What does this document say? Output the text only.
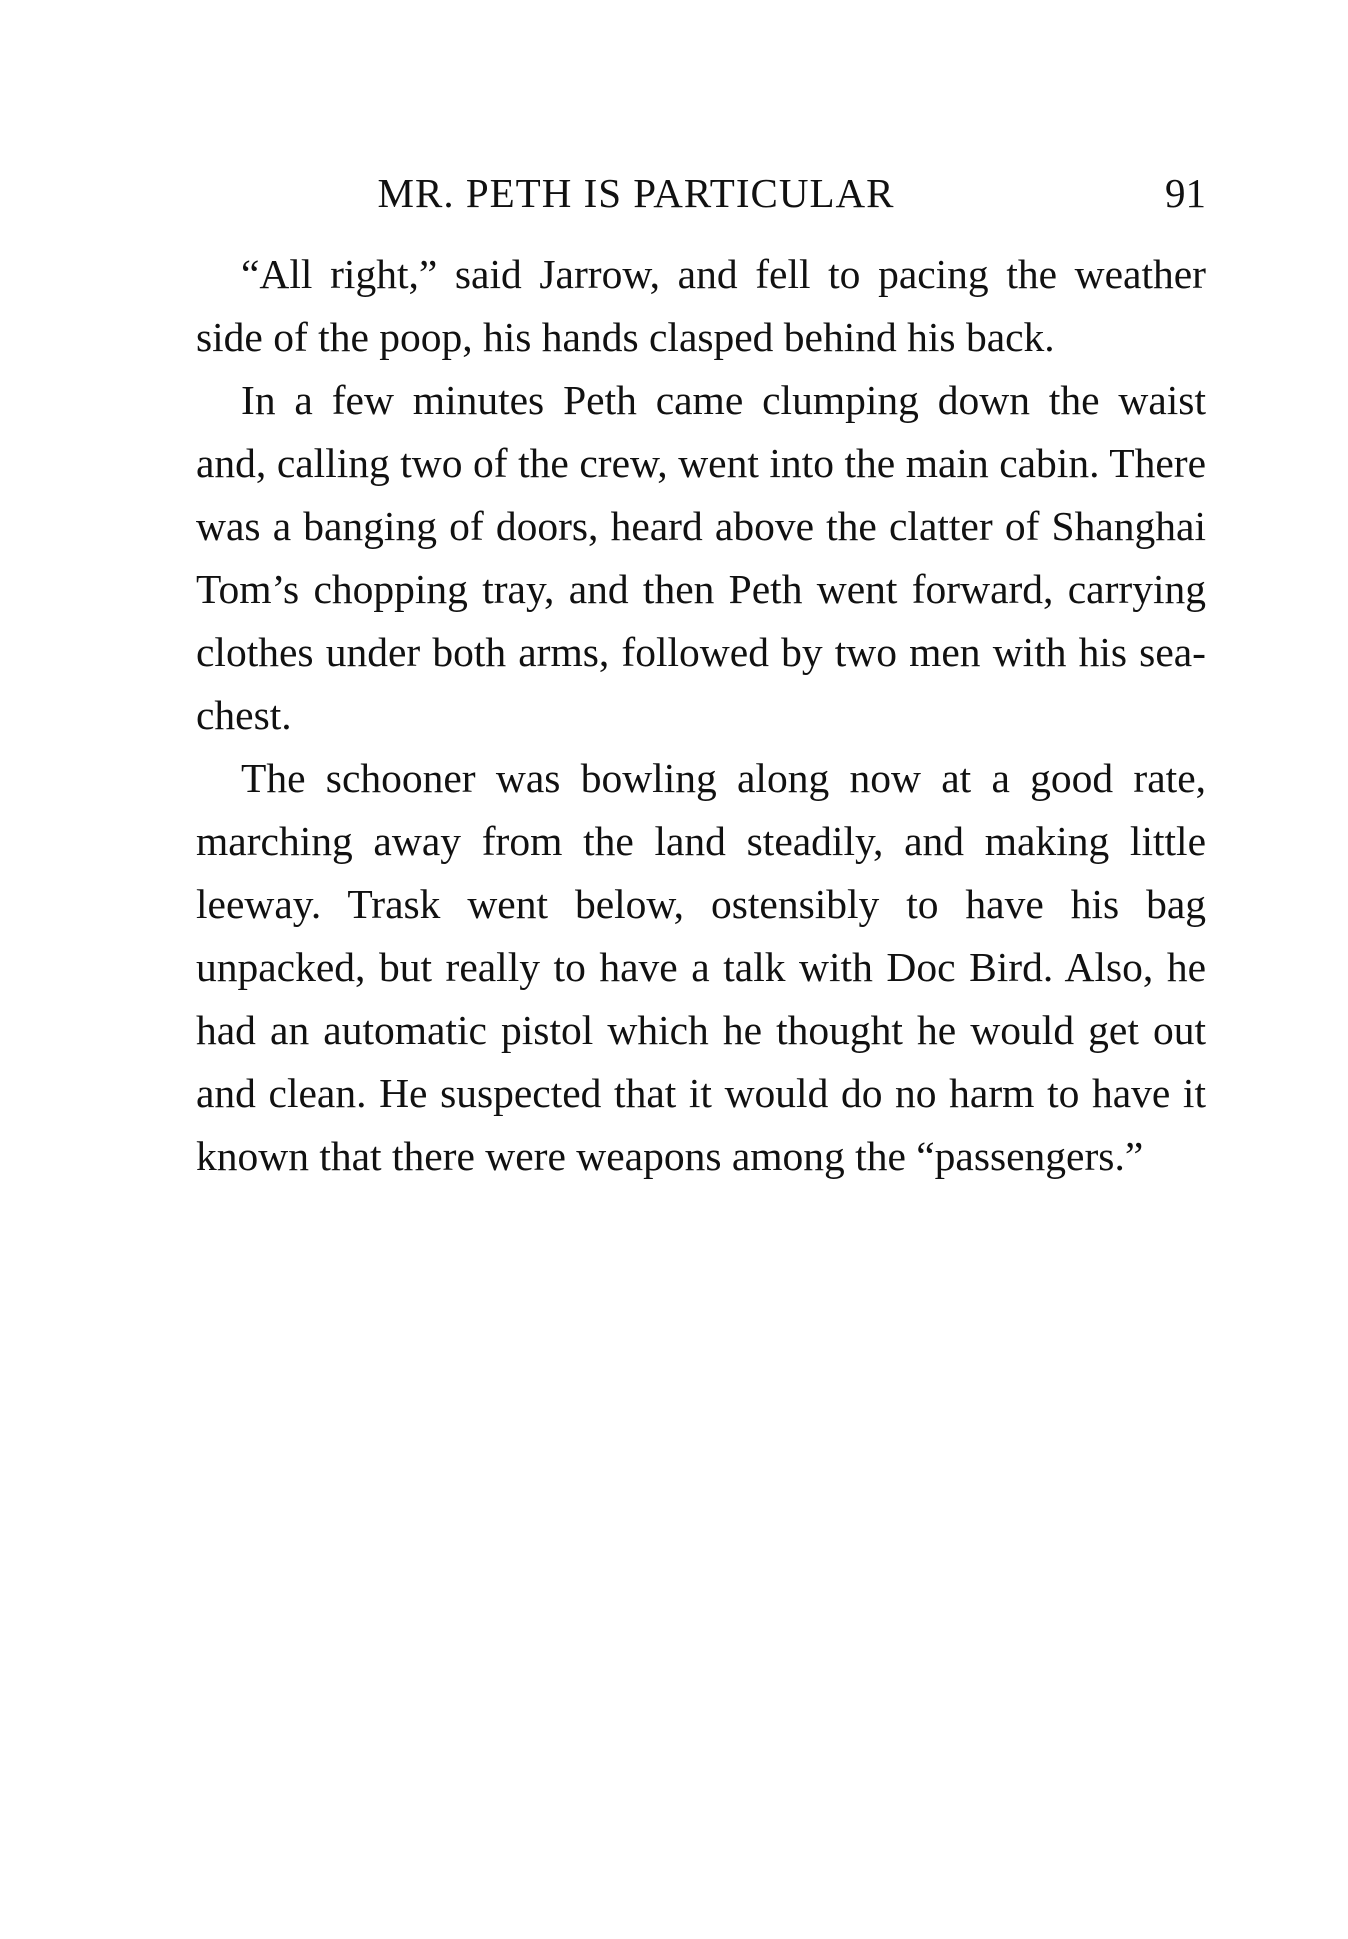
MR. PETH IS PARTICULAR	91

“All right,” said Jarrow, and fell to pacing the weather side of the poop, his hands clasped behind his back.

In a few minutes Peth came clumping down the waist and, calling two of the crew, went into the main cabin. There was a banging of doors, heard above the clatter of Shanghai Tom’s chopping tray, and then Peth went forward, carrying clothes under both arms, followed by two men with his sea-chest.

The schooner was bowling along now at a good rate, marching away from the land steadily, and making little leeway. Trask went below, ostensibly to have his bag unpacked, but really to have a talk with Doc Bird. Also, he had an automatic pistol which he thought he would get out and clean. He suspected that it would do no harm to have it known that there were weapons among the “passengers.”
